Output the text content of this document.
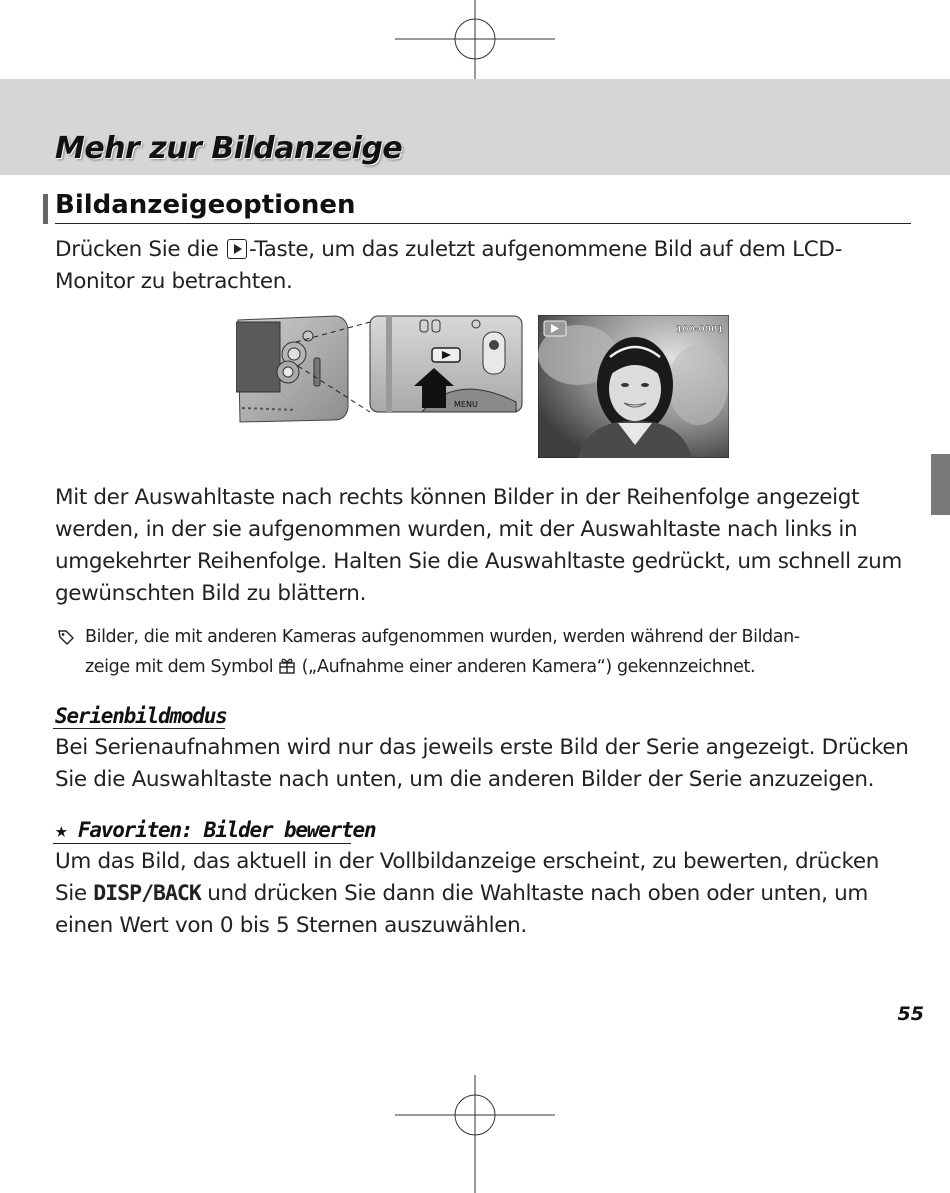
Mehr zur Bildanzeige
Bildanzeigeoptionen

Drücken Sie die -Taste, um das zuletzt aufgenommene Bild auf dem LCD-
Monitor zu betrachten.

MENU
100-0001
Mit der Auswahltaste nach rechts können Bilder in der Reihenfolge angezeigt
werden, in der sie aufgenommen wurden, mit der Auswahltaste nach links in
umgekehrter Reihenfolge. Halten Sie die Auswahltaste gedrückt, um schnell zum
gewünschten Bild zu blättern.
Bilder, die mit anderen Kameras aufgenommen wurden, werden während der Bildan-
zeige mit dem Symbol  („Aufnahme einer anderen Kamera“) gekennzeichnet.
Serienbildmodus
Bei Serienaufnahmen wird nur das jeweils erste Bild der Serie angezeigt. Drücken
Sie die Auswahltaste nach unten, um die anderen Bilder der Serie anzuzeigen.
★ Favoriten: Bilder bewerten
Um das Bild, das aktuell in der Vollbildanzeige erscheint, zu bewerten, drücken
Sie DISP/BACK und drücken Sie dann die Wahltaste nach oben oder unten, um
einen Wert von 0 bis 5 Sternen auszuwählen.
55
